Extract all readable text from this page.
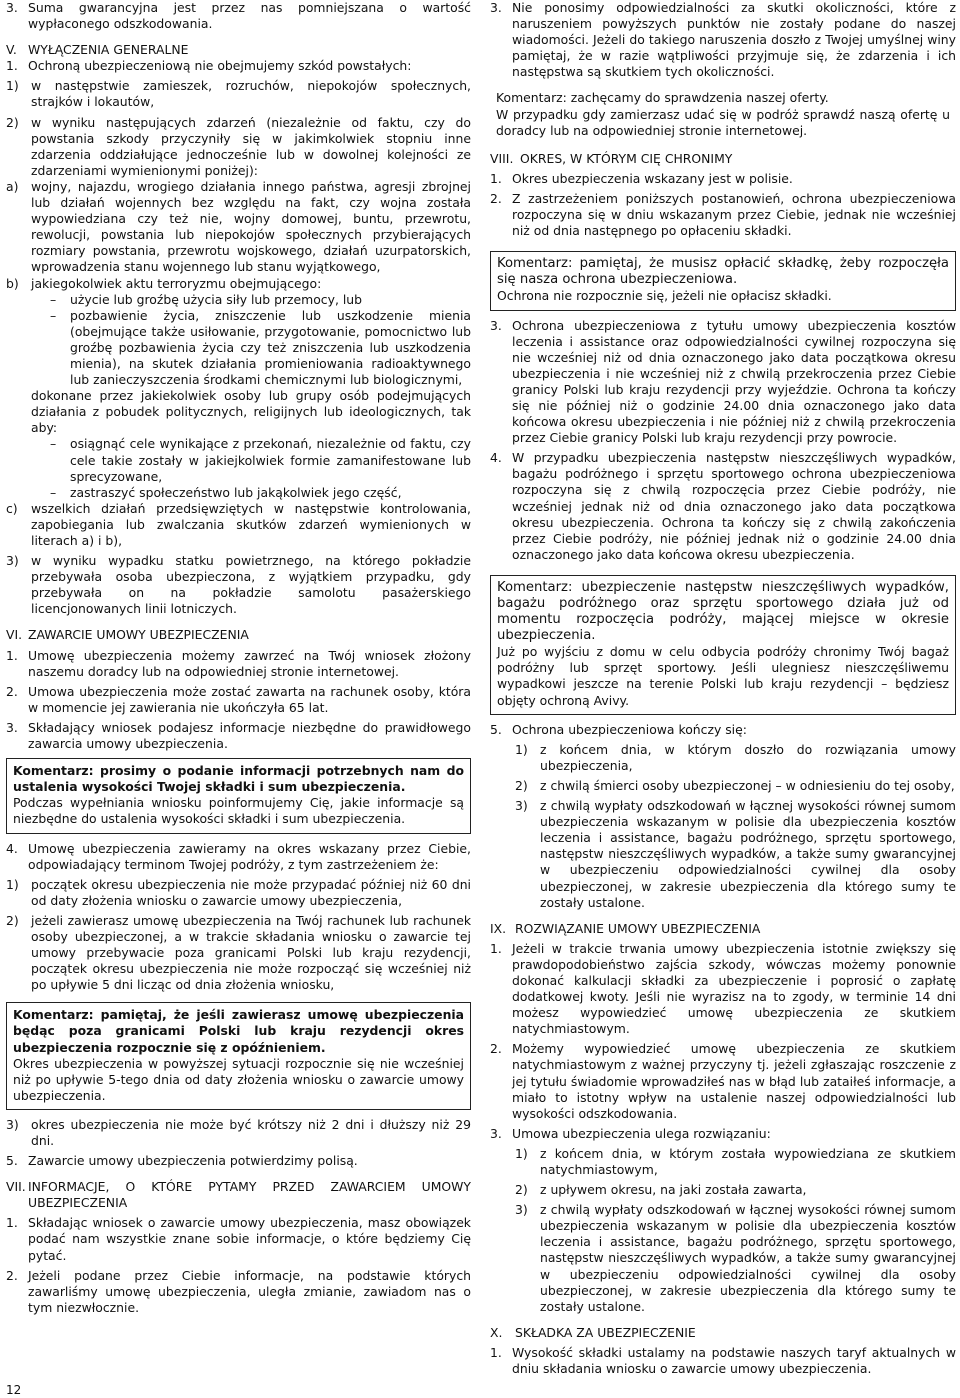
3. Suma gwarancyjna jest przez nas pomniejszana o wartość wypłaconego odszkodowania.
V. WYŁĄCZENIA GENERALNE
1. Ochroną ubezpieczeniową nie obejmujemy szkód powstałych:
1) w następstwie zamieszek, rozruchów, niepokojów społecznych, strajków i lokautów,
2) w wyniku następujących zdarzeń (niezależnie od faktu, czy do powstania szkody przyczyniły się w jakimkolwiek stopniu inne zdarzenia oddziałujące jednocześnie lub w dowolnej kolejności ze zdarzeniami wymienionymi poniżej):
a)	wojny, najazdu, wrogiego działania innego państwa, agresji zbrojnej lub działań wojennych bez względu na fakt, czy wojna została wypowiedziana czy też nie, wojny domowej, buntu, przewrotu, rewolucji, powstania lub niepokojów społecznych przybierających rozmiary powstania, przewrotu wojskowego, działań uzurpatorskich, wprowadzenia stanu wojennego lub stanu wyjątkowego,
b) jakiegokolwiek aktu terroryzmu obejmującego:
–	użycie lub groźbę użycia siły lub przemocy, lub
–	pozbawienie życia, zniszczenie lub uszkodzenie mienia (obejmujące także usiłowanie, przygotowanie, pomocnictwo lub groźbę pozbawienia życia czy też zniszczenia lub uszkodzenia mienia), na skutek działania promieniowania radioaktywnego lub zanieczyszczenia środkami chemicznymi lub biologicznymi,
dokonane przez jakiekolwiek osoby lub grupy osób podejmujących działania z pobudek politycznych, religijnych lub ideologicznych, tak aby:
–	osiągnąć cele wynikające z przekonań, niezależnie od faktu, czy cele takie zostały w jakiejkolwiek formie zamanifestowane lub sprecyzowane,
–	zastraszyć społeczeństwo lub jakąkolwiek jego część,
c)	wszelkich działań przedsięwziętych w następstwie kontrolowania, zapobiegania lub zwalczania skutków zdarzeń wymienionych w literach a) i b),
3) w wyniku wypadku statku powietrznego, na którego pokładzie przebywała osoba ubezpieczona, z wyjątkiem przypadku, gdy przebywała on na pokładzie samolotu pasażerskiego licencjonowanych linii lotniczych.
VI. ZAWARCIE UMOWY UBEZPIECZENIA
1. Umowę ubezpieczenia możemy zawrzeć na Twój wniosek złożony naszemu doradcy lub na odpowiedniej stronie internetowej.
2. Umowa ubezpieczenia może zostać zawarta na rachunek osoby, która w momencie jej zawierania nie ukończyła 65 lat.
3. Składający wniosek podajesz informacje niezbędne do prawidłowego zawarcia umowy ubezpieczenia.

Komentarz: prosimy o podanie informacji potrzebnych nam do ustalenia wysokości Twojej składki i sum ubezpieczenia.

Podczas wypełniania wniosku poinformujemy Cię, jakie informacje są niezbędne do ustalenia wysokości składki i sum ubezpieczenia.

4. Umowę ubezpieczenia zawieramy na okres wskazany przez Ciebie, odpowiadający terminom Twojej podróży, z tym zastrzeżeniem że:
1) początek okresu ubezpieczenia nie może przypadać później niż 60 dni od daty złożenia wniosku o zawarcie umowy ubezpieczenia,
2) jeżeli zawierasz umowę ubezpieczenia na Twój rachunek lub rachunek osoby ubezpieczonej, a w trakcie składania wniosku o zawarcie tej umowy przebywacie poza granicami Polski lub kraju rezydencji, początek okresu ubezpieczenia nie może rozpocząć się wcześniej niż po upływie 5 dni licząc od dnia złożenia wniosku,

Komentarz: pamiętaj, że jeśli zawierasz umowę ubezpieczenia będąc poza granicami Polski lub kraju rezydencji okres ubezpieczenia rozpocznie się z opóźnieniem.

Okres ubezpieczenia w powyższej sytuacji rozpocznie się nie wcześniej niż po upływie 5-tego dnia od daty złożenia wniosku o zawarcie umowy ubezpieczenia.

3) okres ubezpieczenia nie może być krótszy niż 2 dni i dłuższy niż 29 dni.
5. Zawarcie umowy ubezpieczenia potwierdzimy polisą.
VII. INFORMACJE, O KTÓRE PYTAMY PRZED ZAWARCIEM UMOWY UBEZPIECZENIA
1. Składając wniosek o zawarcie umowy ubezpieczenia, masz obowiązek podać nam wszystkie znane sobie informacje, o które będziemy Cię pytać.
2. Jeżeli podane przez Ciebie informacje, na podstawie których zawarliśmy umowę ubezpieczenia, uległa zmianie, zawiadom nas o tym niezwłocznie.
3. Nie ponosimy odpowiedzialności za skutki okoliczności, które z naruszeniem powyższych punktów nie zostały podane do naszej wiadomości. Jeżeli do takiego naruszenia doszło z Twojej umyślnej winy pamiętaj, że w razie wątpliwości przyjmuje się, że zdarzenia i ich następstwa są skutkiem tych okoliczności.

Komentarz: zachęcamy do sprawdzenia naszej oferty.

W przypadku gdy zamierzasz udać się w podróż sprawdź naszą ofertę u doradcy lub na odpowiedniej stronie internetowej.

VIII. OKRES, W KTÓRYM CIĘ CHRONIMY
1. Okres ubezpieczenia wskazany jest w polisie.
2. Z zastrzeżeniem poniższych postanowień, ochrona ubezpieczeniowa rozpoczyna się w dniu wskazanym przez Ciebie, jednak nie wcześniej niż od dnia następnego po opłaceniu składki.

Komentarz: pamiętaj, że musisz opłacić składkę, żeby rozpoczęła się nasza ochrona ubezpieczeniowa.

Ochrona nie rozpocznie się, jeżeli nie opłacisz składki.

3. Ochrona ubezpieczeniowa z tytułu umowy ubezpieczenia kosztów leczenia i assistance oraz odpowiedzialności cywilnej rozpoczyna się nie wcześniej niż od dnia oznaczonego jako data początkowa okresu ubezpieczenia i nie wcześniej niż z chwilą przekroczenia przez Ciebie granicy Polski lub kraju rezydencji przy wyjeździe. Ochrona ta kończy się nie później niż o godzinie 24.00 dnia oznaczonego jako data końcowa okresu ubezpieczenia i nie później niż z chwilą przekroczenia przez Ciebie granicy Polski lub kraju rezydencji przy powrocie.
4. W przypadku ubezpieczenia następstw nieszczęśliwych wypadków, bagażu podróżnego i sprzętu sportowego ochrona ubezpieczeniowa rozpoczyna się z chwilą rozpoczęcia przez Ciebie podróży, nie wcześniej jednak niż od dnia oznaczonego jako data początkowa okresu ubezpieczenia. Ochrona ta kończy się z chwilą zakończenia przez Ciebie podróży, nie później jednak niż o godzinie 24.00 dnia oznaczonego jako data końcowa okresu ubezpieczenia.

Komentarz: ubezpieczenie następstw nieszczęśliwych wypadków, bagażu podróżnego oraz sprzętu sportowego działa już od momentu rozpoczęcia podróży, mającej miejsce w okresie ubezpieczenia.

Już po wyjściu z domu w celu odbycia podróży chronimy Twój bagaż podróżny lub sprzęt sportowy. Jeśli ulegniesz nieszczęśliwemu wypadkowi jeszcze na terenie Polski lub kraju rezydencji – będziesz objęty ochroną Avivy.

5. Ochrona ubezpieczeniowa kończy się:
1) z końcem dnia, w którym doszło do rozwiązania umowy ubezpieczenia,
2) z chwilą śmierci osoby ubezpieczonej – w odniesieniu do tej osoby,
3) z chwilą wypłaty odszkodowań w łącznej wysokości równej sumom ubezpieczenia wskazanym w polisie dla ubezpieczenia kosztów leczenia i assistance, bagażu podróżnego, sprzętu sportowego, następstw nieszczęśliwych wypadków, a także sumy gwarancyjnej w ubezpieczeniu odpowiedzialności cywilnej dla osoby ubezpieczonej, w zakresie ubezpieczenia dla którego sumy te zostały ustalone.
IX. ROZWIĄZANIE UMOWY UBEZPIECZENIA
1. Jeżeli w trakcie trwania umowy ubezpieczenia istotnie zwiększy się prawdopodobieństwo zajścia szkody, wówczas możemy ponownie dokonać kalkulacji składki za ubezpieczenie i poprosić o zapłatę dodatkowej kwoty. Jeśli nie wyrazisz na to zgody, w terminie 14 dni możesz wypowiedzieć umowę ubezpieczenia ze skutkiem natychmiastowym.
2. Możemy wypowiedzieć umowę ubezpieczenia ze skutkiem natychmiastowym z ważnej przyczyny tj. jeżeli zgłaszając roszczenie z jej tytułu świadomie wprowadziłeś nas w błąd lub zataiłeś informacje, a miało to istotny wpływ na ustalenie naszej odpowiedzialności lub wysokości odszkodowania.
3. Umowa ubezpieczenia ulega rozwiązaniu:
1) z końcem dnia, w którym została wypowiedziana ze skutkiem natychmiastowym,
2) z upływem okresu, na jaki została zawarta,
3) z chwilą wypłaty odszkodowań w łącznej wysokości równej sumom ubezpieczenia wskazanym w polisie dla ubezpieczenia kosztów leczenia i assistance, bagażu podróżnego, sprzętu sportowego, następstw nieszczęśliwych wypadków, a także sumy gwarancyjnej w ubezpieczeniu odpowiedzialności cywilnej dla osoby ubezpieczonej, w zakresie ubezpieczenia dla którego sumy te zostały ustalone.
X.	SKŁADKA ZA UBEZPIECZENIE
1. Wysokość składki ustalamy na podstawie naszych taryf aktualnych w dniu składania wniosku o zawarcie umowy ubezpieczenia.
12
